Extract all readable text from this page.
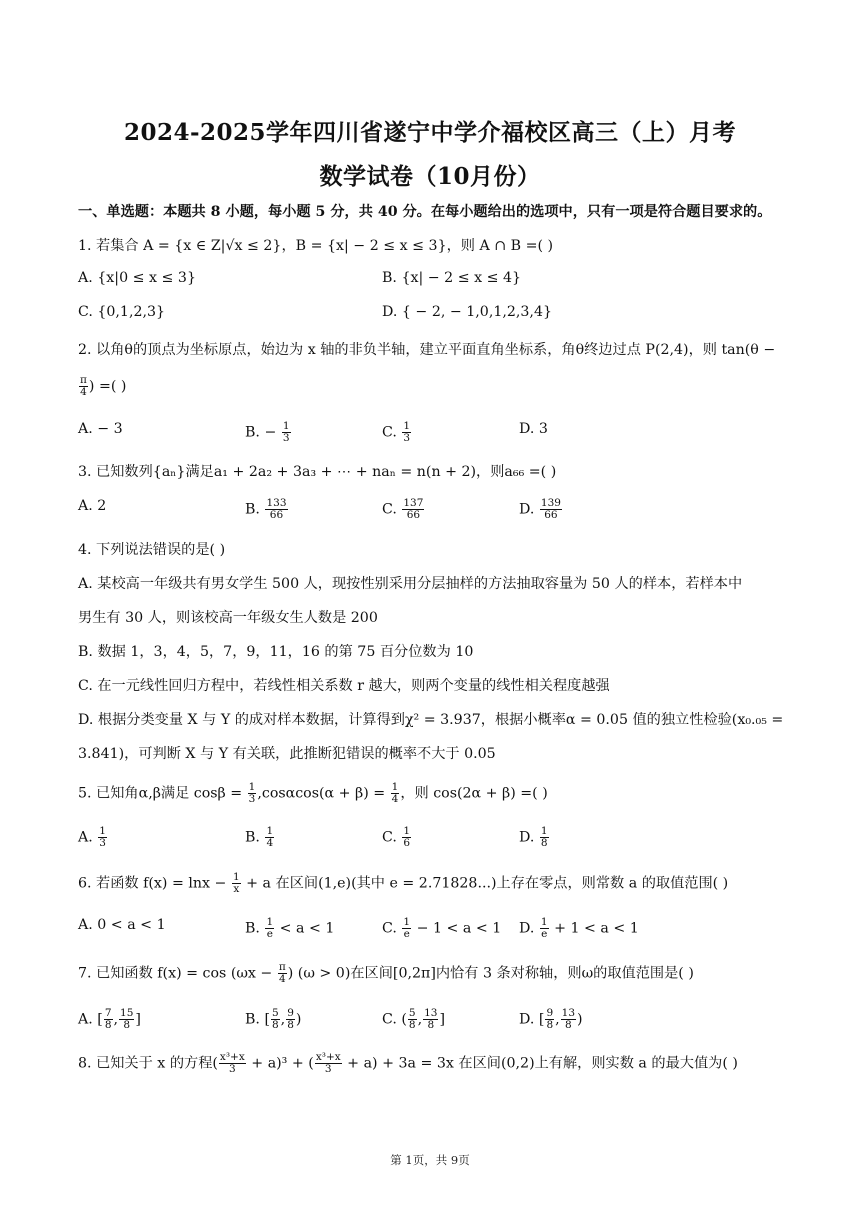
2024-2025学年四川省遂宁中学介福校区高三（上）月考
数学试卷（10月份）
一、单选题：本题共 8 小题，每小题 5 分，共 40 分。在每小题给出的选项中，只有一项是符合题目要求的。
1. 若集合 A = {x ∈ Z|√x ≤ 2}，B = {x| − 2 ≤ x ≤ 3}，则 A ∩ B =( )
A. {x|0 ≤ x ≤ 3}	B. {x| − 2 ≤ x ≤ 4}
C. {0,1,2,3}	D. { − 2, − 1,0,1,2,3,4}
2. 以角θ的顶点为坐标原点，始边为 x 轴的非负半轴，建立平面直角坐标系，角θ终边过点 P(2,4)，则 tan(θ −
$\frac{\pi}{4}$ ) =( )
A. − 3	B. − $\frac{1}{3}$	C. $\frac{1}{3}$	D. 3
3. 已知数列{aₙ}满足a₁ + 2a₂ + 3a₃ + ⋯ + naₙ = n(n + 2)，则a₆₆ =( )
A. 2	B. $\frac{133}{66}$	C. $\frac{137}{66}$	D. $\frac{139}{66}$
4. 下列说法错误的是( )
A. 某校高一年级共有男女学生 500 人，现按性别采用分层抽样的方法抽取容量为 50 人的样本，若样本中
男生有 30 人，则该校高一年级女生人数是 200
B. 数据 1，3，4，5，7，9，11，16 的第 75 百分位数为 10
C. 在一元线性回归方程中，若线性相关系数 r 越大，则两个变量的线性相关程度越强
D. 根据分类变量 X 与 Y 的成对样本数据，计算得到χ² = 3.937，根据小概率α = 0.05 值的独立性检验(x₀.₀₅ =
3.841)，可判断 X 与 Y 有关联，此推断犯错误的概率不大于 0.05
5. 已知角α,β满足 $\cos\beta = \frac{1}{3} ,\cos\alpha\cos(\alpha + \beta) = \frac{1}{4}$ ，则 cos(2α + β) =( )
A. $\frac{1}{3}$	B. $\frac{1}{4}$	C. $\frac{1}{6}$	D. $\frac{1}{8}$
6. 若函数 $f(x) = \ln x - \frac{1}{x} + a$ 在区间(1,e)(其中 e = 2.71828...)上存在零点，则常数 a 的取值范围( )
A. 0 < a < 1	B. $\frac{1}{e} < a < 1$	C. $\frac{1}{e} - 1 < a < 1$ D. $\frac{1}{e} + 1 < a < 1$
7. 已知函数 $f(x) = \cos (\omega x - \frac{\pi}{4}$ ) (ω > 0)在区间[0,2π]内恰有 3 条对称轴，则ω的取值范围是( )
A. [ $\frac{7}{8}$ , $\frac{15}{8}$ ]	B. [ $\frac{5}{8}$ , $\frac{9}{8}$ )	C. ( $\frac{5}{8}$ , $\frac{13}{8}$ ]	D. [ $\frac{9}{8}$ , $\frac{13}{8}$ )
8. 已知关于 x 的方程( $\frac{\text{x³+x}}{3} + a)^3$ + ( $\frac{\text{x³+x}}{3} + a) + 3a = 3x$ 在区间(0,2)上有解，则实数 a 的最大值为( )
第 1页，共 9页
